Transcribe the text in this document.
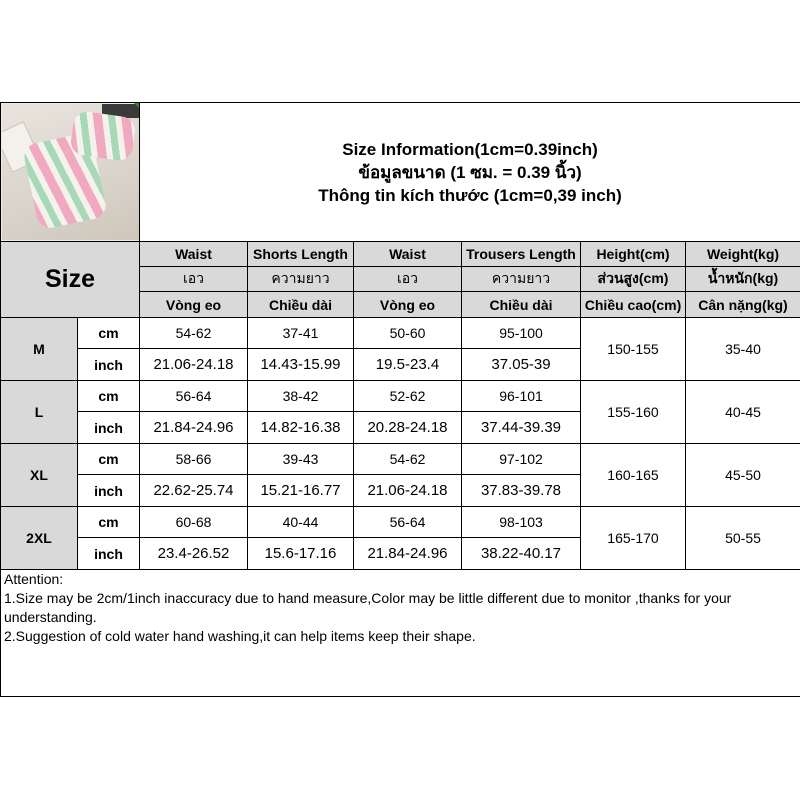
		Size Information(1cm=0.39inch)
ข้อมูลขนาด (1 ซม. = 0.39 นิ้ว)
Thông tin kích thước (1cm=0,39 inch)					

Size		Waist	Shorts Length	Waist	Trousers Length	Height(cm)	Weight(kg)
		เอว	ความยาว	เอว	ความยาว	ส่วนสูง(cm)	น้ำหนัก(kg)
		Vòng eo	Chiều dài	Vòng eo	Chiều dài	Chiều cao(cm)	Cân nặng(kg)
M	cm	54-62	37-41	50-60	95-100	150-155	35-40
	inch	21.06-24.18	14.43-15.99	19.5-23.4	37.05-39		
L	cm	56-64	38-42	52-62	96-101	155-160	40-45
	inch	21.84-24.96	14.82-16.38	20.28-24.18	37.44-39.39		
XL	cm	58-66	39-43	54-62	97-102	160-165	45-50
	inch	22.62-25.74	15.21-16.77	21.06-24.18	37.83-39.78		
2XL	cm	60-68	40-44	56-64	98-103	165-170	50-55
	inch	23.4-26.52	15.6-17.16	21.84-24.96	38.22-40.17		

Attention:
1.Size may be 2cm/1inch inaccuracy due to hand measure,Color may be little different due to monitor ,thanks for your understanding.
2.Suggestion of cold water hand washing,it can help items keep their shape.							
